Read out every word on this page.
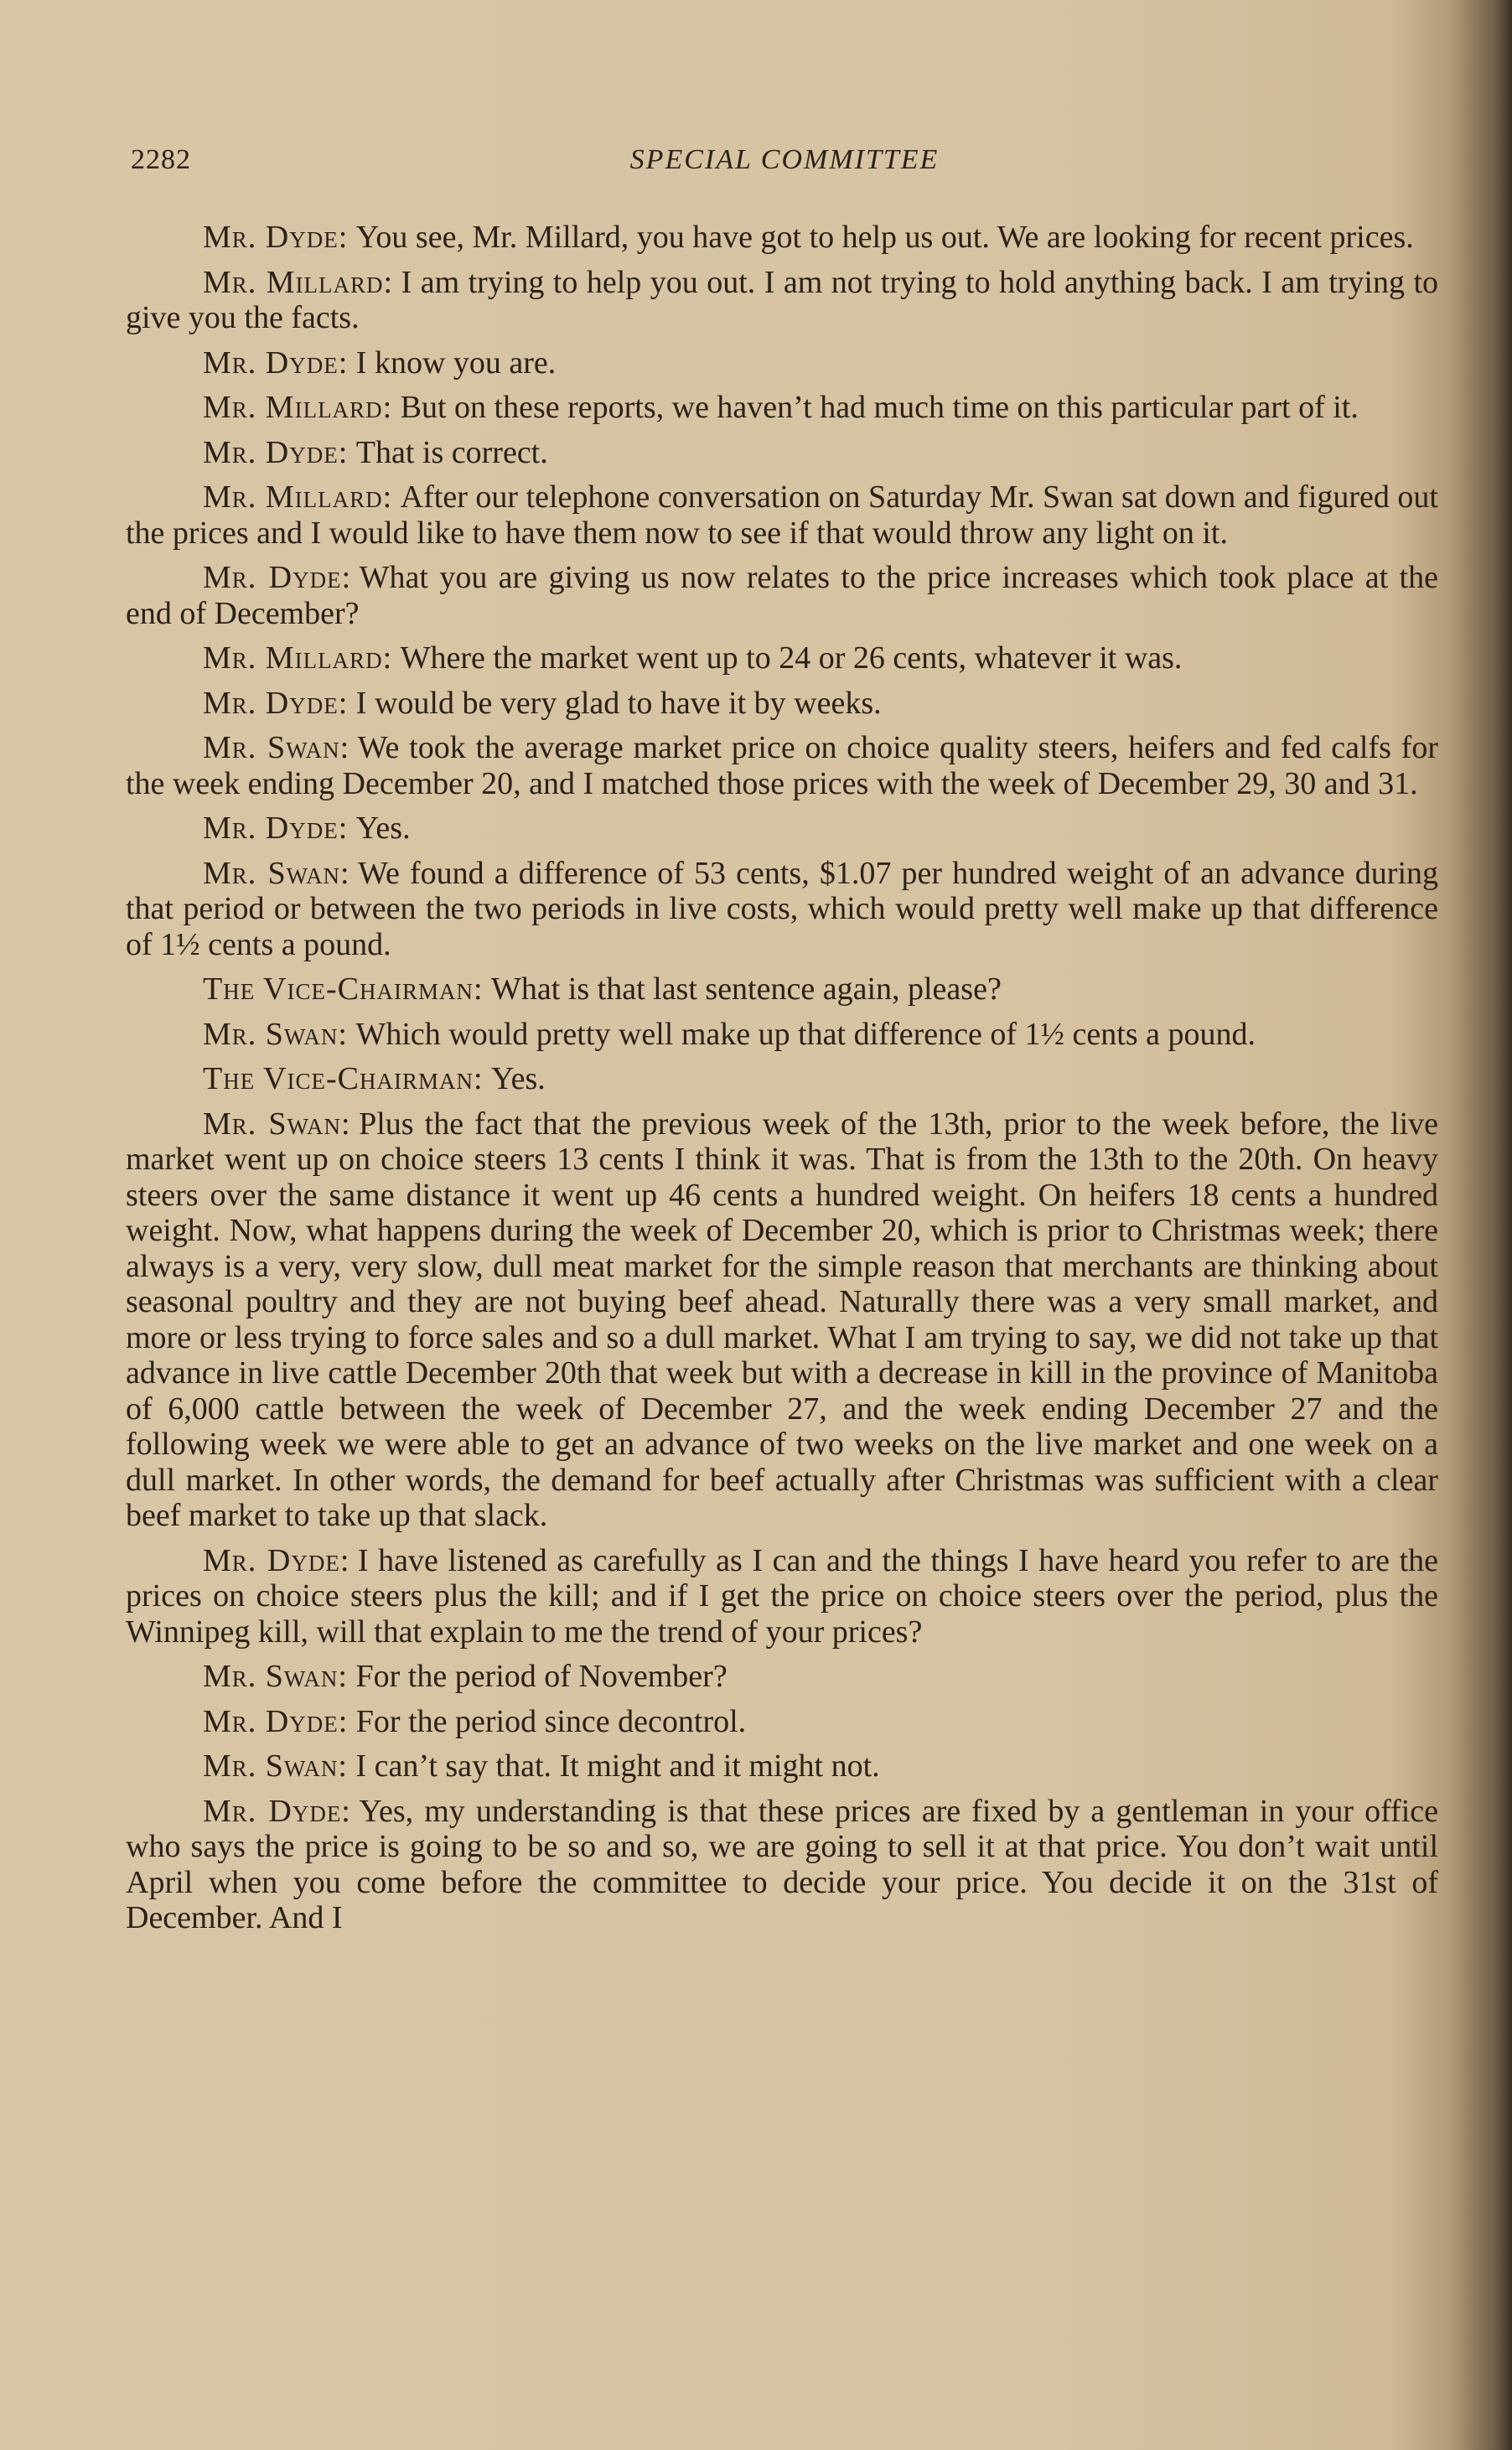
2282	SPECIAL COMMITTEE

Mr. Dyde: You see, Mr. Millard, you have got to help us out. We are looking for recent prices.

Mr. Millard: I am trying to help you out. I am not trying to hold anything back. I am trying to give you the facts.

Mr. Dyde: I know you are.

Mr. Millard: But on these reports, we haven’t had much time on this particular part of it.

Mr. Dyde: That is correct.

Mr. Millard: After our telephone conversation on Saturday Mr. Swan sat down and figured out the prices and I would like to have them now to see if that would throw any light on it.

Mr. Dyde: What you are giving us now relates to the price increases which took place at the end of December?

Mr. Millard: Where the market went up to 24 or 26 cents, whatever it was.

Mr. Dyde: I would be very glad to have it by weeks.

Mr. Swan: We took the average market price on choice quality steers, heifers and fed calfs for the week ending December 20, and I matched those prices with the week of December 29, 30 and 31.

Mr. Dyde: Yes.

Mr. Swan: We found a difference of 53 cents, $1.07 per hundred weight of an advance during that period or between the two periods in live costs, which would pretty well make up that difference of 1½ cents a pound.

The Vice-Chairman: What is that last sentence again, please?

Mr. Swan: Which would pretty well make up that difference of 1½ cents a pound.

The Vice-Chairman: Yes.

Mr. Swan: Plus the fact that the previous week of the 13th, prior to the week before, the live market went up on choice steers 13 cents I think it was. That is from the 13th to the 20th. On heavy steers over the same distance it went up 46 cents a hundred weight. On heifers 18 cents a hundred weight. Now, what happens during the week of December 20, which is prior to Christmas week; there always is a very, very slow, dull meat market for the simple reason that merchants are thinking about seasonal poultry and they are not buying beef ahead. Naturally there was a very small market, and more or less trying to force sales and so a dull market. What I am trying to say, we did not take up that advance in live cattle December 20th that week but with a decrease in kill in the province of Manitoba of 6,000 cattle between the week of December 27, and the week ending December 27 and the following week we were able to get an advance of two weeks on the live market and one week on a dull market. In other words, the demand for beef actually after Christmas was sufficient with a clear beef market to take up that slack.

Mr. Dyde: I have listened as carefully as I can and the things I have heard you refer to are the prices on choice steers plus the kill; and if I get the price on choice steers over the period, plus the Winnipeg kill, will that explain to me the trend of your prices?

Mr. Swan: For the period of November?

Mr. Dyde: For the period since decontrol.

Mr. Swan: I can’t say that. It might and it might not.

Mr. Dyde: Yes, my understanding is that these prices are fixed by a gentleman in your office who says the price is going to be so and so, we are going to sell it at that price. You don’t wait until April when you come before the committee to decide your price. You decide it on the 31st of December. And I
